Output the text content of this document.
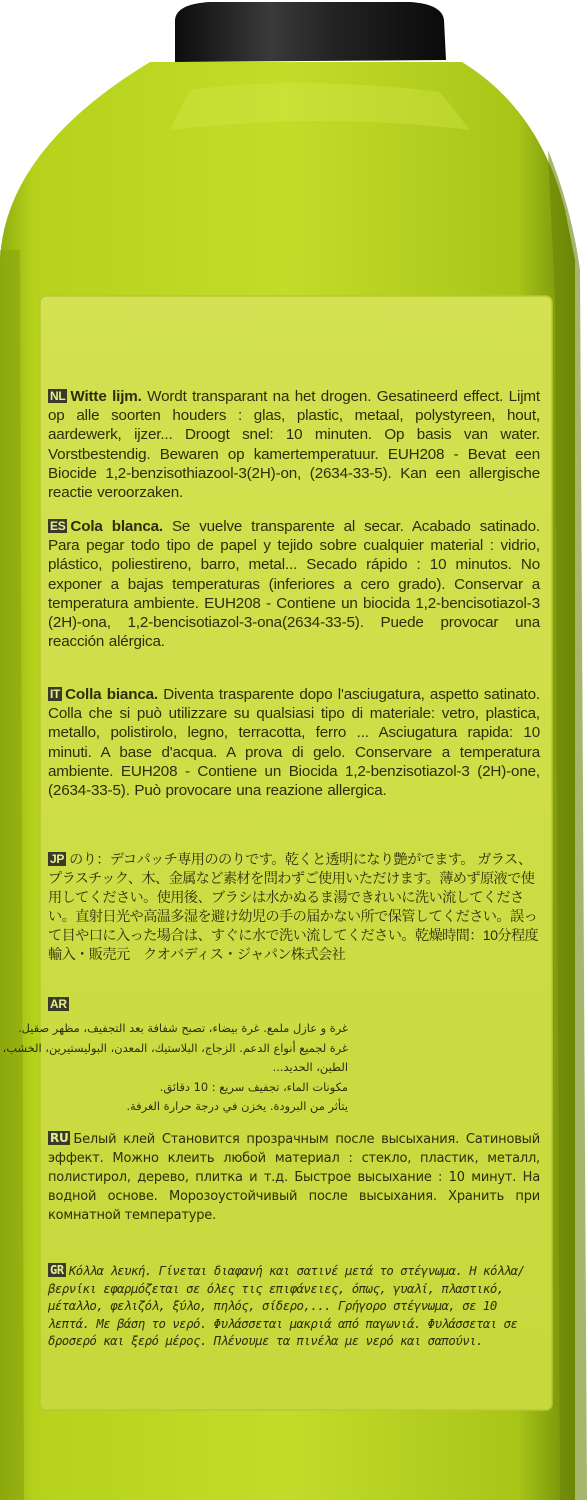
NL Witte lijm. Wordt transparant na het drogen. Gesatineerd effect. Lijmt op alle soorten houders : glas, plastic, metaal, polystyreen, hout, aardewerk, ijzer... Droogt snel: 10 minuten. Op basis van water. Vorstbestendig. Bewaren op kamertemperatuur. EUH208 - Bevat een Biocide 1,2-benzisothiazool-3(2H)-on, (2634-33-5). Kan een allergische reactie veroorzaken.
ES Cola blanca. Se vuelve transparente al secar. Acabado satinado. Para pegar todo tipo de papel y tejido sobre cualquier material : vidrio, plástico, poliestireno, barro, metal... Secado rápido : 10 minutos. No exponer a bajas temperaturas (inferiores a cero grado). Conservar a temperatura ambiente. EUH208 - Contiene un biocida 1,2-bencisotiazol-3 (2H)-ona, 1,2-bencisotiazol-3-ona(2634-33-5). Puede provocar una reacción alérgica.
IT Colla bianca. Diventa trasparente dopo l'asciugatura, aspetto satinato. Colla che si può utilizzare su qualsiasi tipo di materiale: vetro, plastica, metallo, polistirolo, legno, terracotta, ferro ... Asciugatura rapida: 10 minuti. A base d'acqua. A prova di gelo. Conservare a temperatura ambiente. EUH208 - Contiene un Biocida 1,2-benzisotiazol-3 (2H)-one, (2634-33-5). Può provocare una reazione allergica.
JP のり：デコパッチ専用ののりです。乾くと透明になり艶がでます。 ガラス、プラスチック、木、金属など素材を問わずご使用いただけます。薄めず原液で使用してください。使用後、ブラシは水かぬるま湯できれいに洗い流してください。直射日光や高温多湿を避け幼児の手の届かない所で保管してください。誤って目や口に入った場合は、すぐに水で洗い流してください。乾燥時間：10分程度
輸入・販売元　クオバディス・ジャパン株式会社
AR
غرة و عازل ملمع. غرة بيضاء، تصبح شفافة بعد التجفيف، مظهر صقيل.
غرة لجميع أنواع الدعم. الزجاج، البلاستيك، المعدن، البوليستيرين، الخشب،
الطين، الحديد...
مكونات الماء، تجفيف سريع : 10 دقائق.
يتأثر من البرودة. يخزن في درجة حرارة الغرفة.
RU Белый клей Становится прозрачным после высыхания. Сатиновый эффект. Можно клеить любой материал : стекло, пластик, металл, полистирол, дерево, плитка и т.д. Быстрое высыхание : 10 минут. На водной основе. Морозоустойчивый после высыхания. Хранить при комнатной температуре.
GR Κόλλα λευκή. Γίνεται διαφανή και σατινέ μετά το στέγνωμα. Η κόλλα/βερνίκι εφαρμόζεται σε όλες τις επιφάνειες, όπως, γυαλί, πλαστικό, μέταλλο, φελιζόλ, ξύλο, πηλός, σίδερο,... Γρήγορο στέγνωμα, σε 10 λεπτά. Με βάση το νερό. Φυλάσσεται μακριά από παγωνιά. Φυλάσσεται σε δροσερό και ξερό μέρος. Πλένουμε τα πινέλα με νερό και σαπούνι.
